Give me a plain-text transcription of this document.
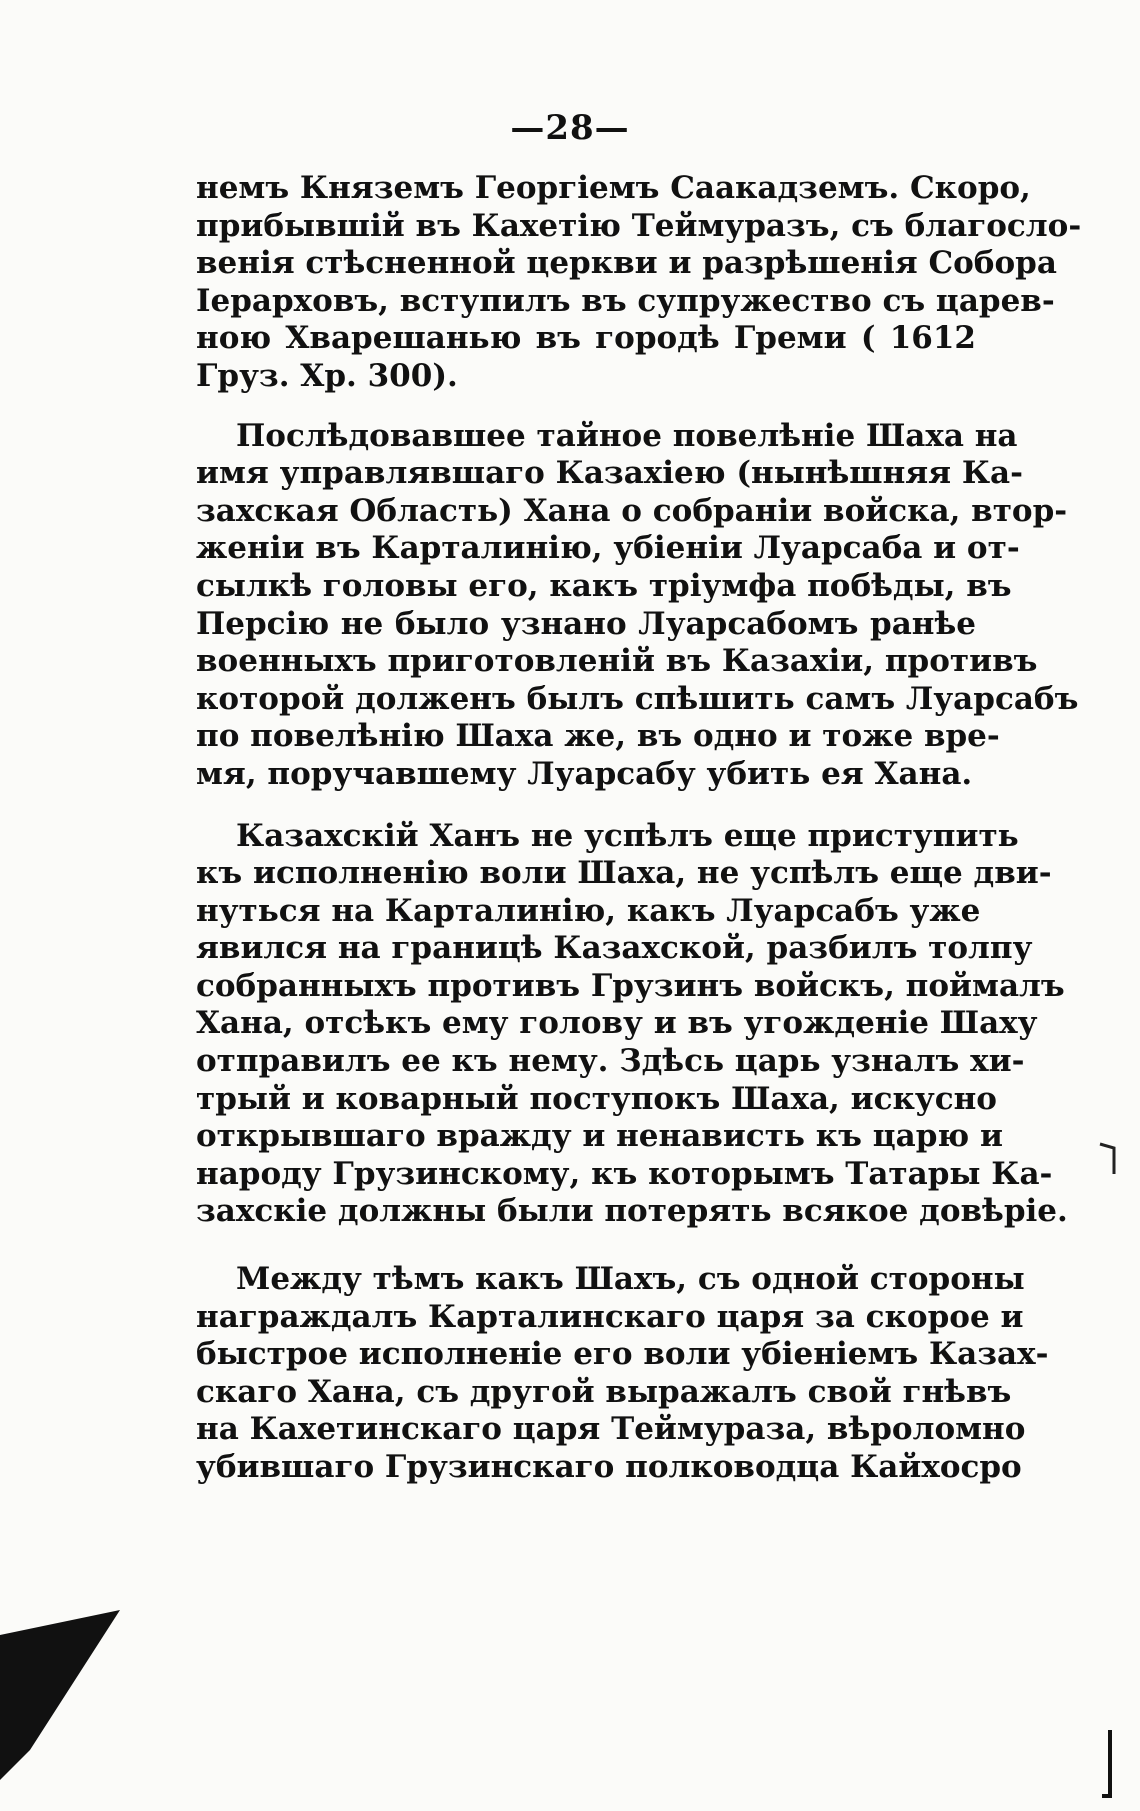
—28—
немъ Княземъ Георгіемъ Саакадземъ. Скоро,
прибывшій въ Кахетію Теймуразъ, съ благосло-
венія стѣсненной церкви и разрѣшенія Собора
Іерарховъ, вступилъ въ супружество съ царев-
ною Хварешанью въ городѣ Греми ( 1612
Груз. Хр. 300).
Послѣдовавшее тайное повелѣніе Шаха на
имя управлявшаго Казахіею (нынѣшняя Ка-
захская Область) Хана о собраніи войска, втор-
женіи въ Карталинію, убіеніи Луарсаба и от-
сылкѣ головы его, какъ тріумфа побѣды, въ
Персію не было узнано Луарсабомъ ранѣе
военныхъ приготовленій въ Казахіи, противъ
которой долженъ былъ спѣшить самъ Луарсабъ
по повелѣнію Шаха же, въ одно и тоже вре-
мя, поручавшему Луарсабу убить ея Хана.
Казахскій Ханъ не успѣлъ еще приступить
къ исполненію воли Шаха, не успѣлъ еще дви-
нуться на Карталинію, какъ Луарсабъ уже
явился на границѣ Казахской, разбилъ толпу
собранныхъ противъ Грузинъ войскъ, поймалъ
Хана, отсѣкъ ему голову и въ угожденіе Шаху
отправилъ ее къ нему. Здѣсь царь узналъ хи-
трый и коварный поступокъ Шаха, искусно
открывшаго вражду и ненависть къ царю и
народу Грузинскому, къ которымъ Татары Ка-
захскіе должны были потерять всякое довѣріе.
Между тѣмъ какъ Шахъ, съ одной стороны
награждалъ Карталинскаго царя за скорое и
быстрое исполненіе его воли убіеніемъ Казах-
скаго Хана, съ другой выражалъ свой гнѣвъ
на Кахетинскаго царя Теймураза, вѣроломно
убившаго Грузинскаго полководца Кайхосро
